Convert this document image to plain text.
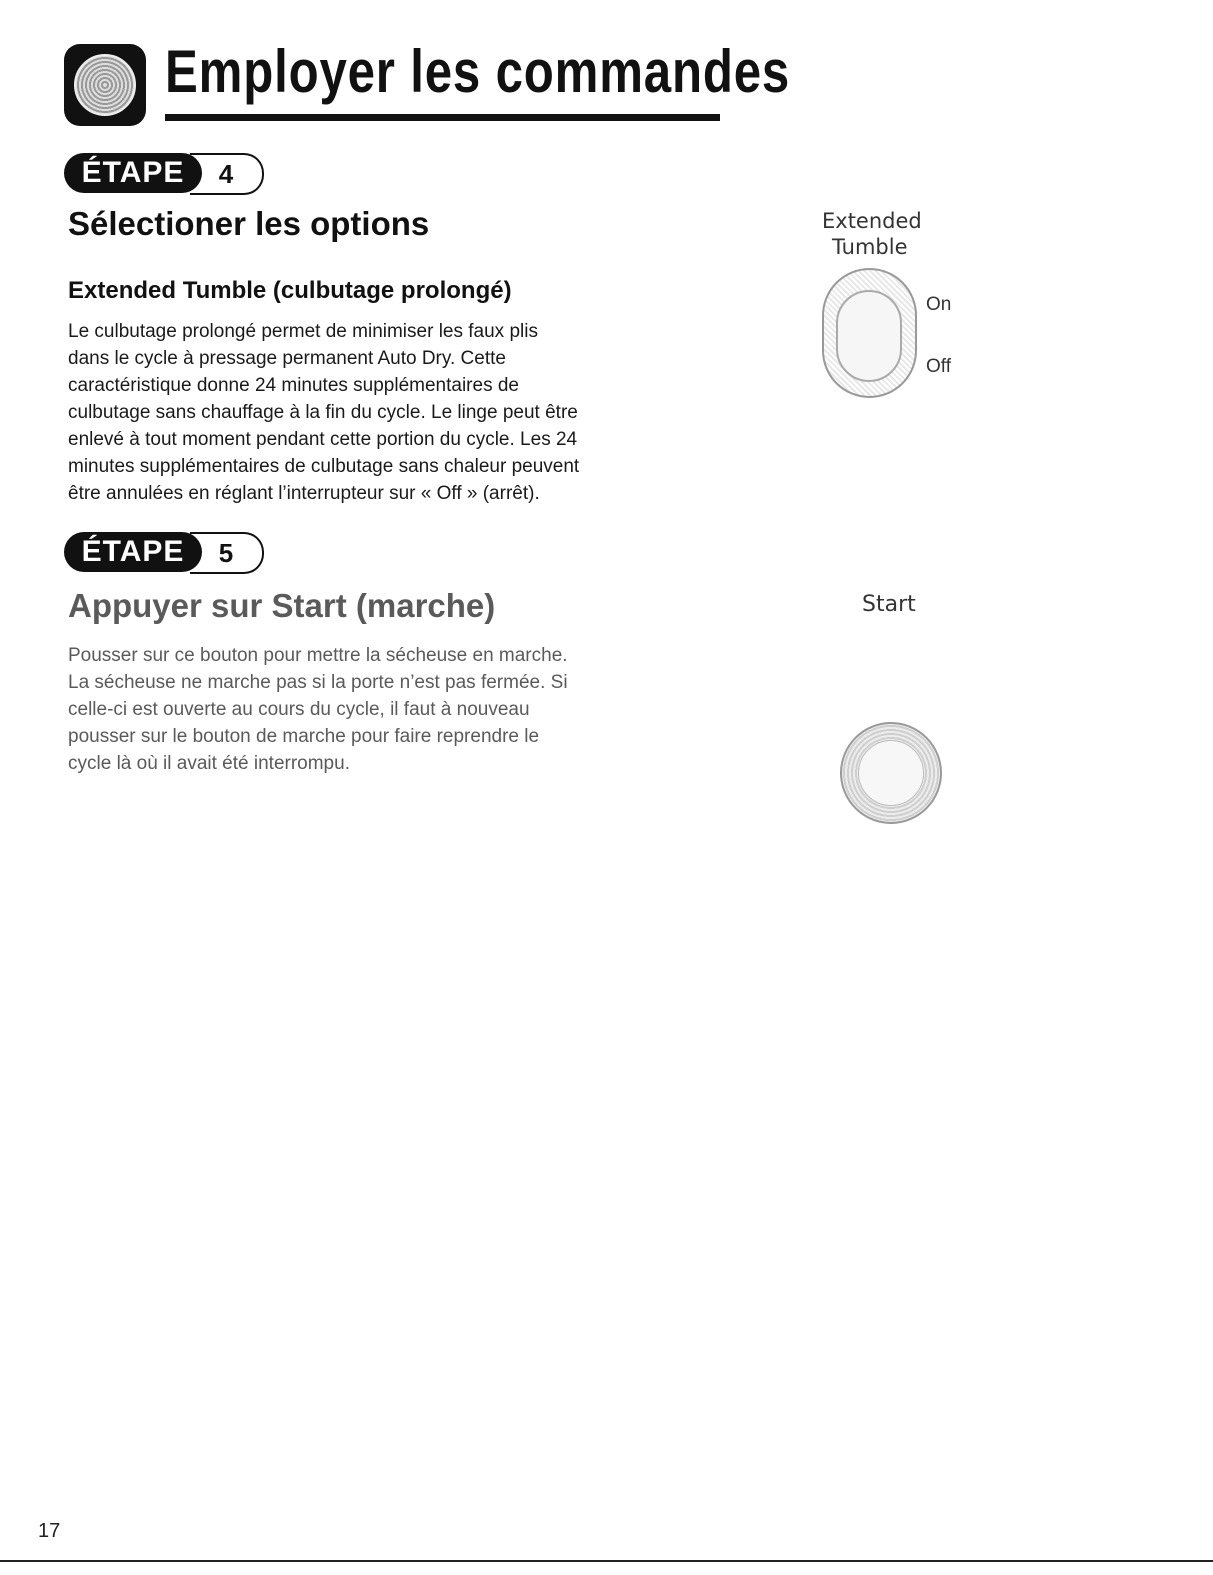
Employer les commandes
ÉTAPE	4
Sélectioner les options
Extended Tumble (culbutage prolongé)

Le culbutage prolongé permet de minimiser les faux plis

dans le cycle à pressage permanent Auto Dry. Cette

caractéristique donne 24 minutes supplémentaires de

culbutage sans chauffage à la fin du cycle. Le linge peut être

enlevé à tout moment pendant cette portion du cycle. Les 24

minutes supplémentaires de culbutage sans chaleur peuvent

être annulées en réglant l’interrupteur sur « Off » (arrêt).

Extended
Tumble
On
Off
ÉTAPE	5
Appuyer sur Start (marche)

Pousser sur ce bouton pour mettre la sécheuse en marche.

La sécheuse ne marche pas si la porte n’est pas fermée. Si

celle-ci est ouverte au cours du cycle, il faut à nouveau

pousser sur le bouton de marche pour faire reprendre le

cycle là où il avait été interrompu.

Start
17
